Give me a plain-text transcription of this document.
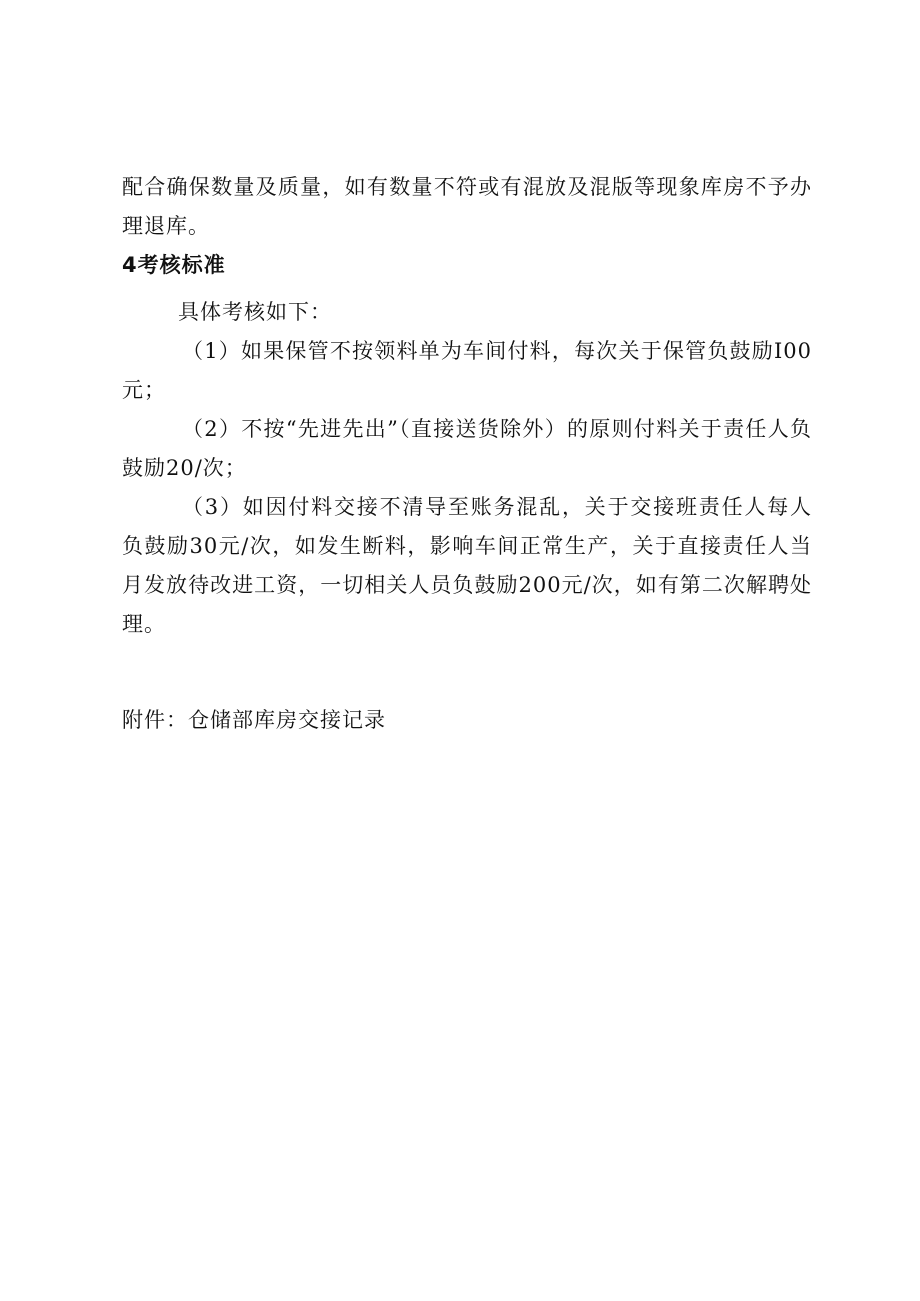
配合确保数量及质量，如有数量不符或有混放及混版等现象库房不予办理退库。

4考核标准

具体考核如下：

（1）如果保管不按领料单为车间付料，每次关于保管负鼓励I00元；

（2）不按“先进先出”（直接送货除外）的原则付料关于责任人负鼓励20/次；

（3）如因付料交接不清导至账务混乱，关于交接班责任人每人负鼓励30元/次，如发生断料，影响车间正常生产，关于直接责任人当月发放待改进工资，一切相关人员负鼓励200元/次，如有第二次解聘处理。

附件：仓储部库房交接记录
